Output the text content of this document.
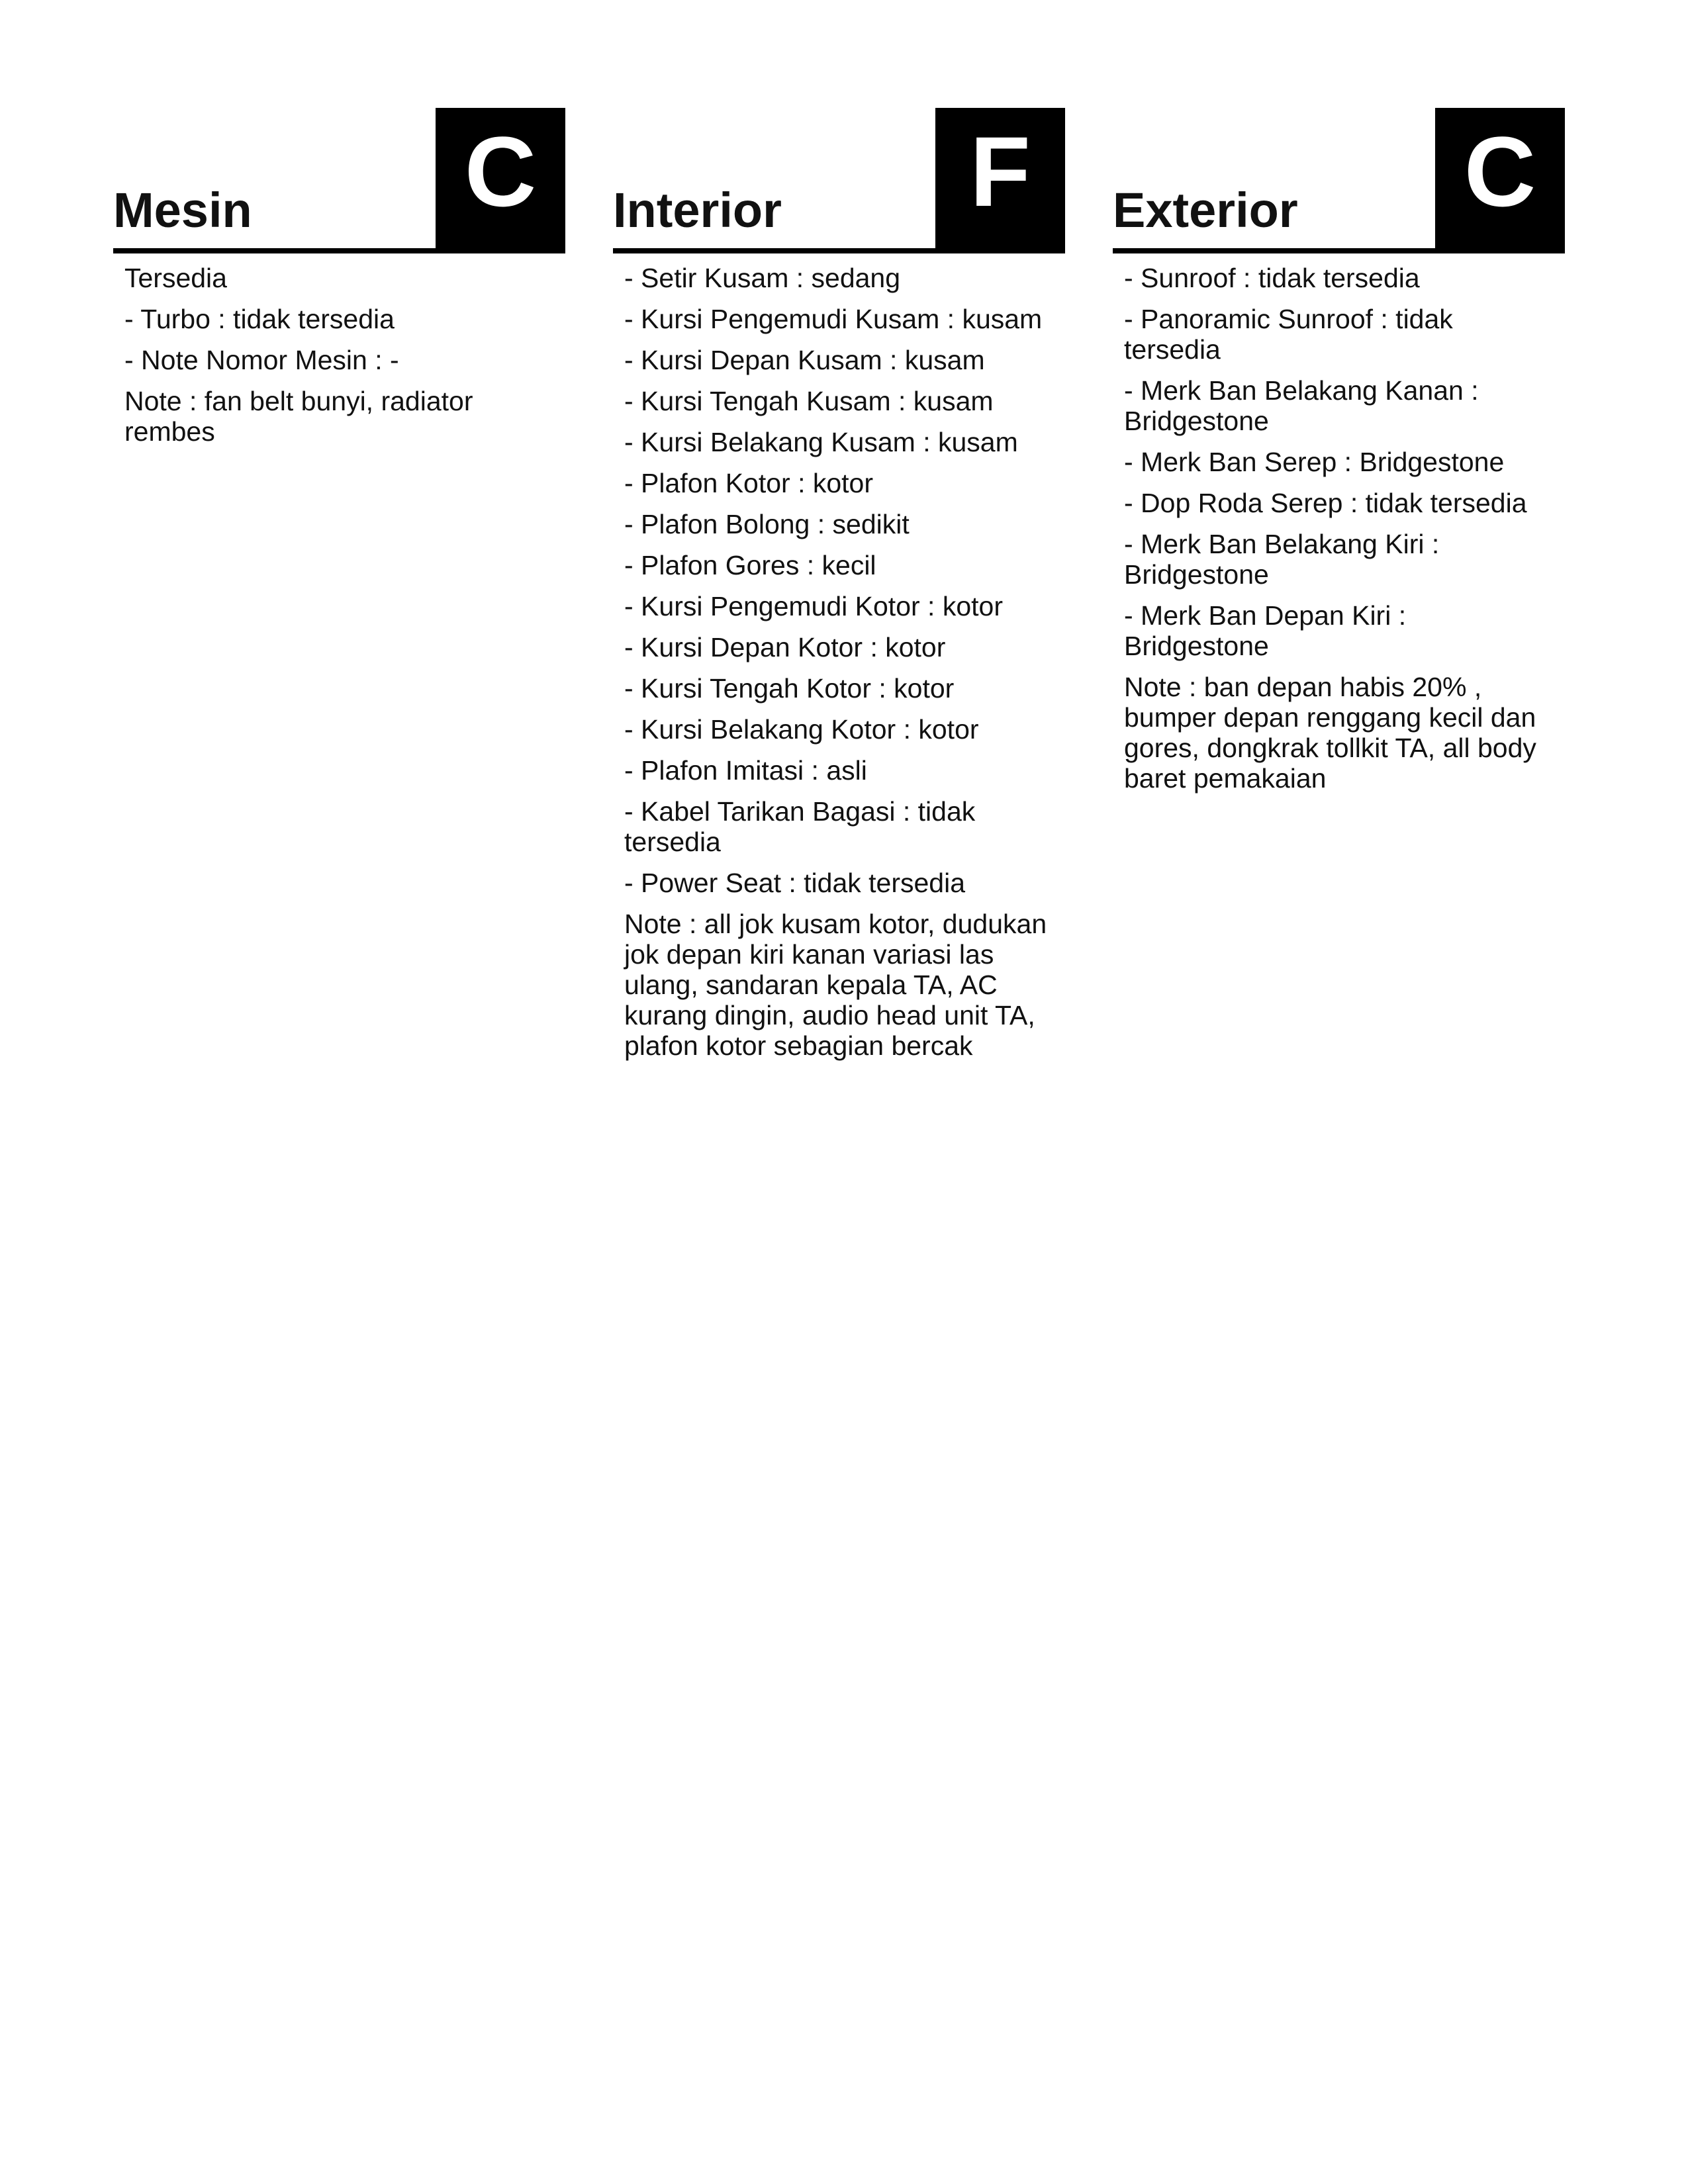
Mesin C
Tersedia
- Turbo : tidak tersedia
- Note Nomor Mesin : -
Note : fan belt bunyi, radiator rembes
Interior	F
- Setir Kusam : sedang
- Kursi Pengemudi Kusam : kusam
- Kursi Depan Kusam : kusam
- Kursi Tengah Kusam : kusam
- Kursi Belakang Kusam : kusam
- Plafon Kotor : kotor
- Plafon Bolong : sedikit
- Plafon Gores : kecil
- Kursi Pengemudi Kotor : kotor
- Kursi Depan Kotor : kotor
- Kursi Tengah Kotor : kotor
- Kursi Belakang Kotor : kotor
- Plafon Imitasi : asli
- Kabel Tarikan Bagasi : tidak tersedia
- Power Seat : tidak tersedia
Note : all jok kusam kotor, dudukan jok depan kiri kanan variasi las ulang, sandaran kepala TA, AC kurang dingin, audio head unit TA, plafon kotor sebagian bercak
Exterior C
- Sunroof : tidak tersedia
- Panoramic Sunroof : tidak tersedia
- Merk Ban Belakang Kanan : Bridgestone
- Merk Ban Serep : Bridgestone
- Dop Roda Serep : tidak tersedia
- Merk Ban Belakang Kiri : Bridgestone
- Merk Ban Depan Kiri : Bridgestone
Note : ban depan habis 20% , bumper depan renggang kecil dan gores, dongkrak tollkit TA, all body baret pemakaian
